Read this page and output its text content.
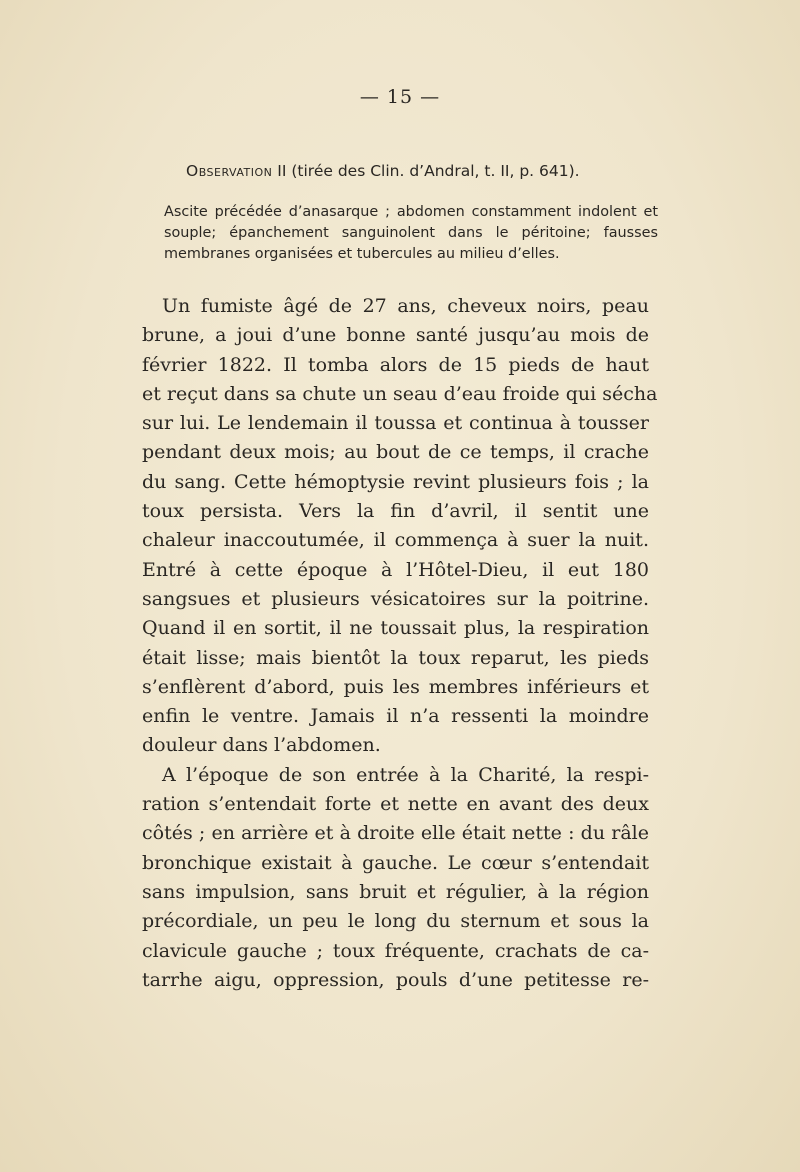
— 15 —
Observation II (tirée des Clin. d’Andral, t. II, p. 641).
Ascite précédée d’anasarque ; abdomen constamment indolent et
souple; épanchement sanguinolent dans le péritoine; fausses
membranes organisées et tubercules au milieu d’elles.
Un fumiste âgé de 27 ans, cheveux noirs, peau
brune, a joui d’une bonne santé jusqu’au mois de
février 1822. Il tomba alors de 15 pieds de haut
et reçut dans sa chute un seau d’eau froide qui sécha
sur lui. Le lendemain il toussa et continua à tousser
pendant deux mois; au bout de ce temps, il crache
du sang. Cette hémoptysie revint plusieurs fois ; la
toux persista. Vers la fin d’avril, il sentit une
chaleur inaccoutumée, il commença à suer la nuit.
Entré à cette époque à l’Hôtel-Dieu, il eut 180
sangsues et plusieurs vésicatoires sur la poitrine.
Quand il en sortit, il ne toussait plus, la respiration
était lisse; mais bientôt la toux reparut, les pieds
s’enflèrent d’abord, puis les membres inférieurs et
enfin le ventre. Jamais il n’a ressenti la moindre
douleur dans l’abdomen.
A l’époque de son entrée à la Charité, la respi-
ration s’entendait forte et nette en avant des deux
côtés ; en arrière et à droite elle était nette : du râle
bronchique existait à gauche. Le cœur s’entendait
sans impulsion, sans bruit et régulier, à la région
précordiale, un peu le long du sternum et sous la
clavicule gauche ; toux fréquente, crachats de ca-
tarrhe aigu, oppression, pouls d’une petitesse re-
